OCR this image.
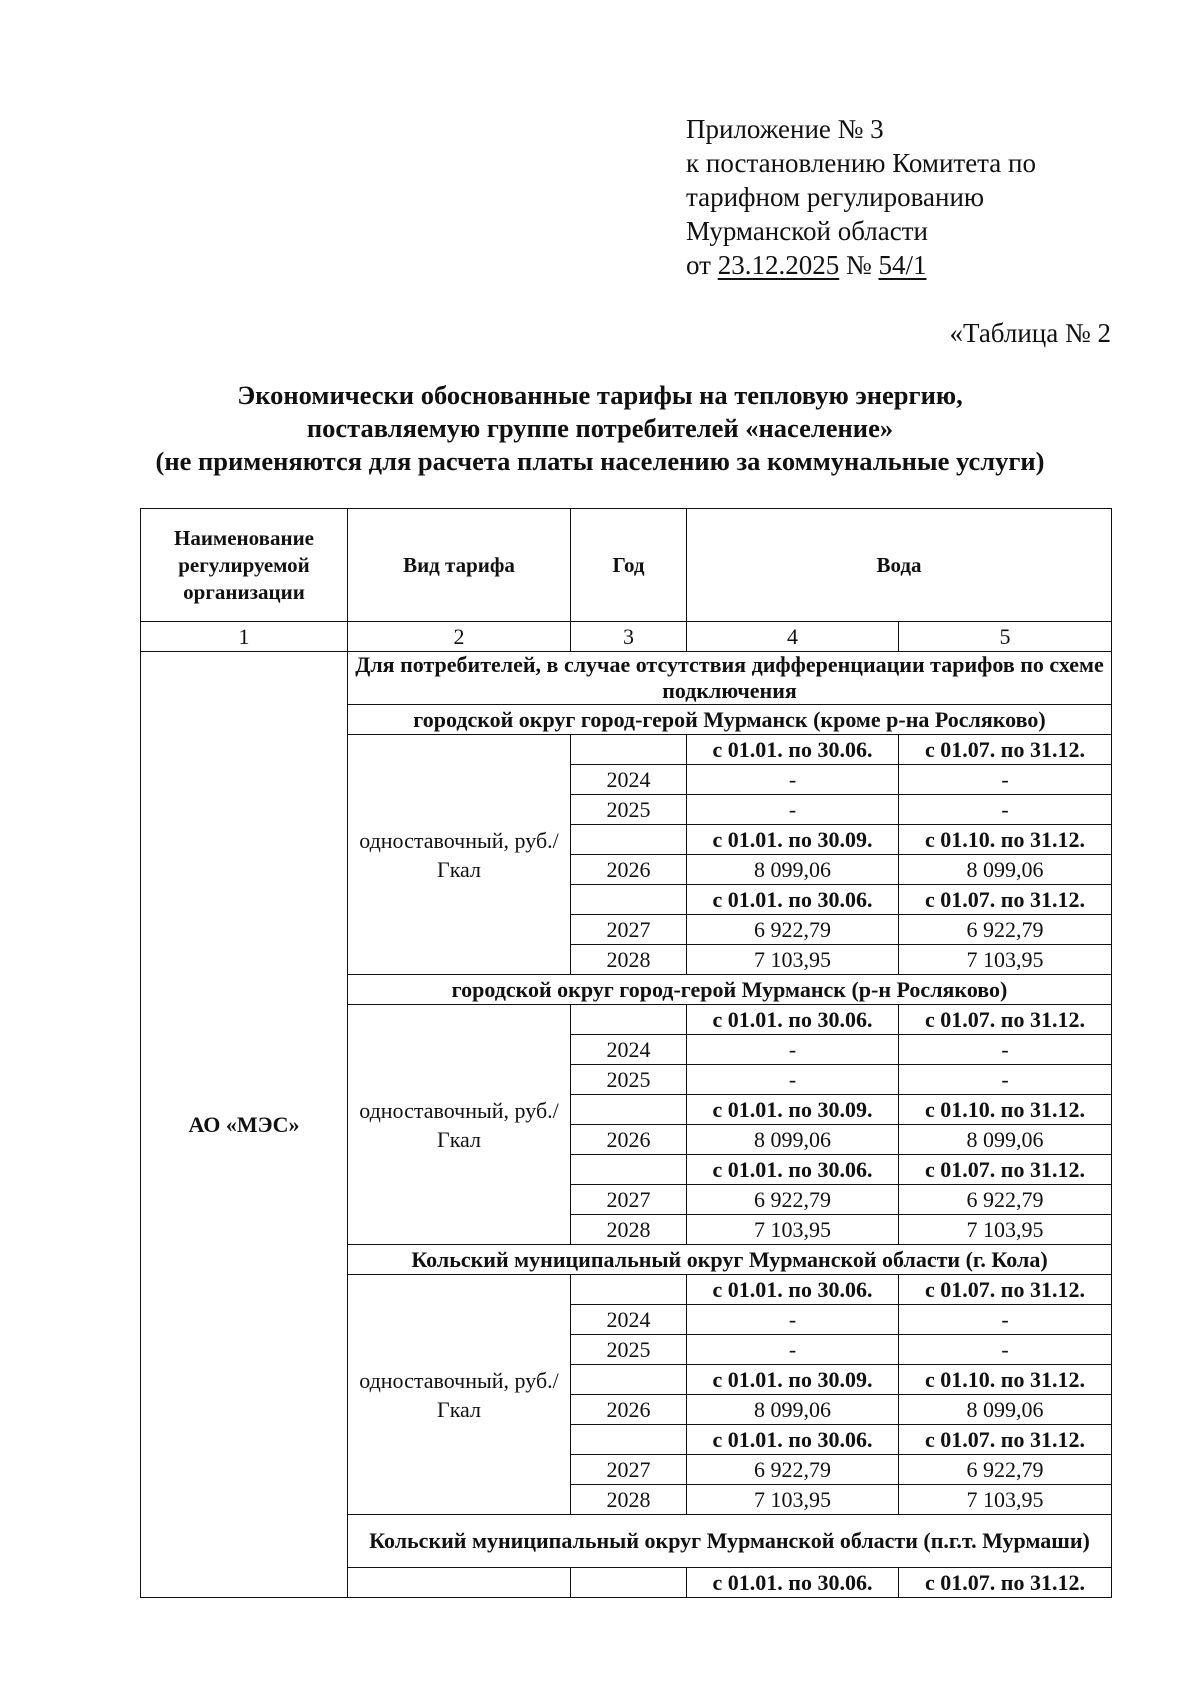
Приложение № 3
к постановлению Комитета по
тарифном регулированию
Мурманской области
от 23.12.2025 № 54/1
«Таблица № 2
Экономически обоснованные тарифы на тепловую энергию,
поставляемую группе потребителей «население»
(не применяются для расчета платы населению за коммунальные услуги)
Наименование регулируемой организации	Вид тарифа	Год	Вода	
1	2	3	4	5
АО «МЭС»	Для потребителей, в случае отсутствия дифференциации тарифов по схеме подключения			
	городской округ город-герой Мурманск (кроме р-на Росляково)			
	одноставочный, руб./Гкал		с 01.01. по 30.06.	с 01.07. по 31.12.
		2024	-	-
		2025	-	-
			с 01.01. по 30.09.	с 01.10. по 31.12.
		2026	8 099,06	8 099,06
			с 01.01. по 30.06.	с 01.07. по 31.12.
		2027	6 922,79	6 922,79
		2028	7 103,95	7 103,95
	городской округ город-герой Мурманск (р-н Росляково)			
	одноставочный, руб./Гкал		с 01.01. по 30.06.	с 01.07. по 31.12.
		2024	-	-
		2025	-	-
			с 01.01. по 30.09.	с 01.10. по 31.12.
		2026	8 099,06	8 099,06
			с 01.01. по 30.06.	с 01.07. по 31.12.
		2027	6 922,79	6 922,79
		2028	7 103,95	7 103,95
	Кольский муниципальный округ Мурманской области (г. Кола)			
	одноставочный, руб./Гкал		с 01.01. по 30.06.	с 01.07. по 31.12.
		2024	-	-
		2025	-	-
			с 01.01. по 30.09.	с 01.10. по 31.12.
		2026	8 099,06	8 099,06
			с 01.01. по 30.06.	с 01.07. по 31.12.
		2027	6 922,79	6 922,79
		2028	7 103,95	7 103,95
	Кольский муниципальный округ Мурманской области (п.г.т. Мурмаши)			
			с 01.01. по 30.06.	с 01.07. по 31.12.
